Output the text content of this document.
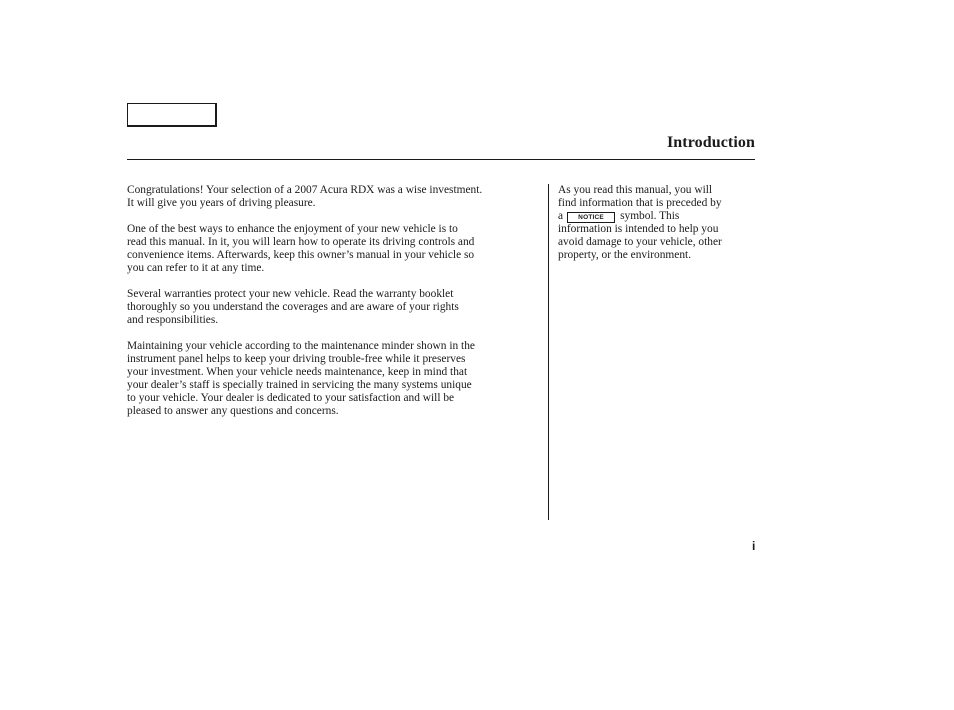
Introduction

Congratulations! Your selection of a 2007 Acura RDX was a wise investment.
It will give you years of driving pleasure.

One of the best ways to enhance the enjoyment of your new vehicle is to
read this manual. In it, you will learn how to operate its driving controls and
convenience items. Afterwards, keep this owner’s manual in your vehicle so
you can refer to it at any time.

Several warranties protect your new vehicle. Read the warranty booklet
thoroughly so you understand the coverages and are aware of your rights
and responsibilities.

Maintaining your vehicle according to the maintenance minder shown in the
instrument panel helps to keep your driving trouble-free while it preserves
your investment. When your vehicle needs maintenance, keep in mind that
your dealer’s staff is specially trained in servicing the many systems unique
to your vehicle. Your dealer is dedicated to your satisfaction and will be
pleased to answer any questions and concerns.

As you read this manual, you will
find information that is preceded by
a NOTICE symbol. This
information is intended to help you
avoid damage to your vehicle, other
property, or the environment.

i
